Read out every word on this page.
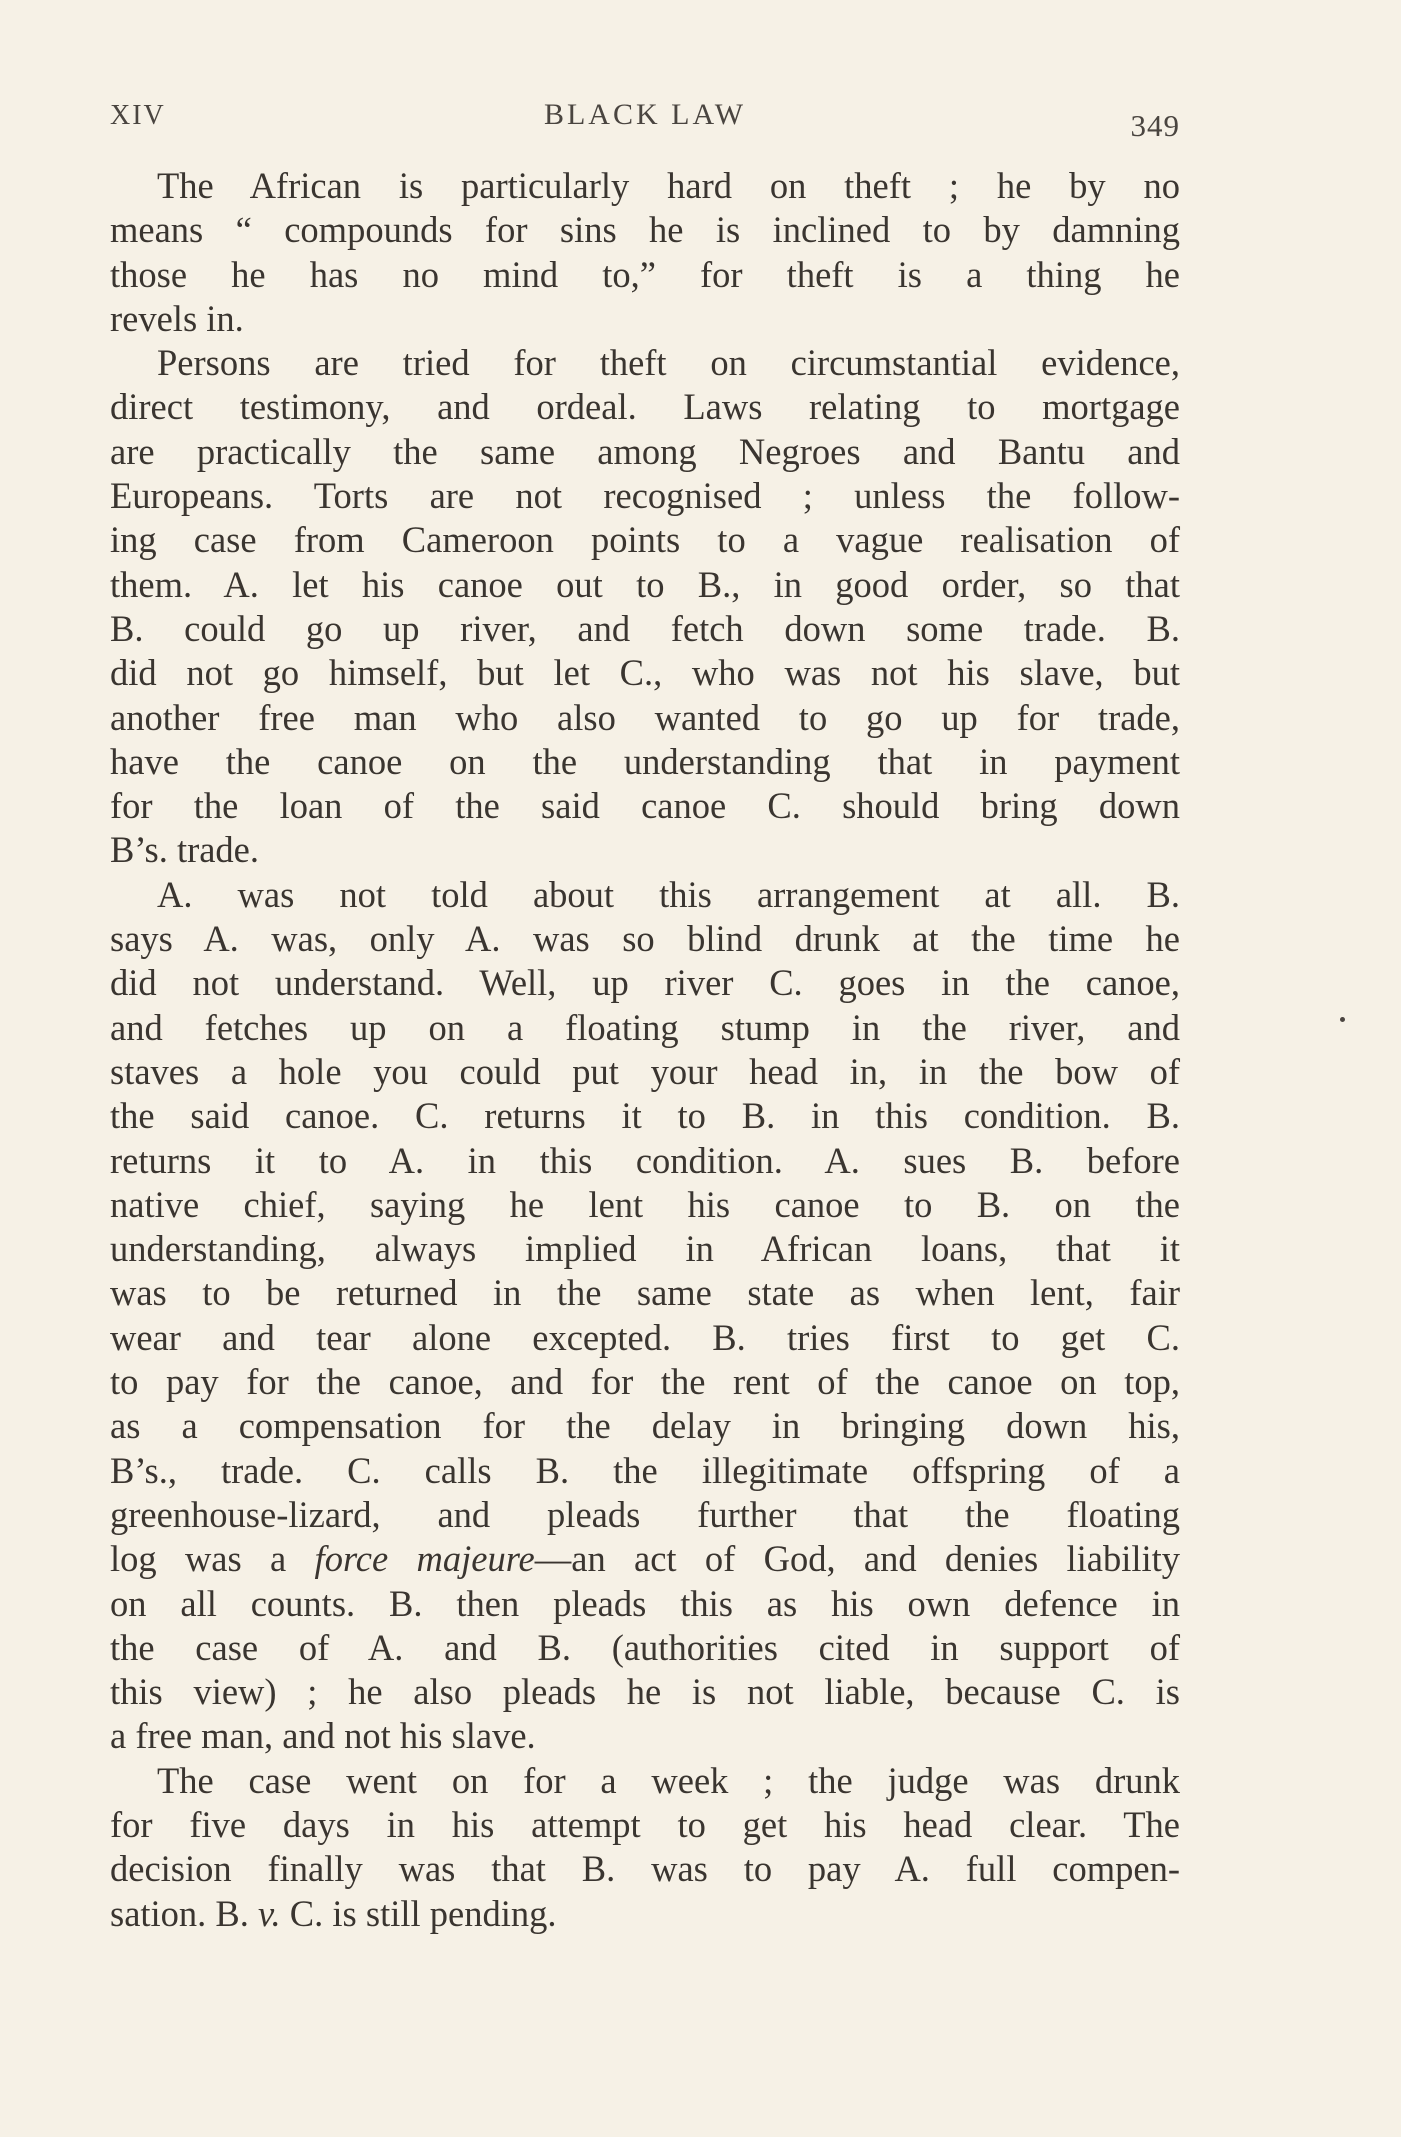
XIV	BLACK LAW	349
The African is particularly hard on theft ; he by no
means “ compounds for sins he is inclined to by damning
those he has no mind to,” for theft is a thing he
revels in.
Persons are tried for theft on circumstantial evidence,
direct testimony, and ordeal. Laws relating to mortgage
are practically the same among Negroes and Bantu and
Europeans. Torts are not recognised ; unless the follow-
ing case from Cameroon points to a vague realisation of
them. A. let his canoe out to B., in good order, so that
B. could go up river, and fetch down some trade. B.
did not go himself, but let C., who was not his slave, but
another free man who also wanted to go up for trade,
have the canoe on the understanding that in payment
for the loan of the said canoe C. should bring down
B’s. trade.
A. was not told about this arrangement at all. B.
says A. was, only A. was so blind drunk at the time he
did not understand. Well, up river C. goes in the canoe,
and fetches up on a floating stump in the river, and
staves a hole you could put your head in, in the bow of
the said canoe. C. returns it to B. in this condition. B.
returns it to A. in this condition. A. sues B. before
native chief, saying he lent his canoe to B. on the
understanding, always implied in African loans, that it
was to be returned in the same state as when lent, fair
wear and tear alone excepted. B. tries first to get C.
to pay for the canoe, and for the rent of the canoe on top,
as a compensation for the delay in bringing down his,
B’s., trade. C. calls B. the illegitimate offspring of a
greenhouse-lizard, and pleads further that the floating
log was a force majeure—an act of God, and denies liability
on all counts. B. then pleads this as his own defence in
the case of A. and B. (authorities cited in support of
this view) ; he also pleads he is not liable, because C. is
a free man, and not his slave.
The case went on for a week ; the judge was drunk
for five days in his attempt to get his head clear. The
decision finally was that B. was to pay A. full compen-
sation. B. v. C. is still pending.
